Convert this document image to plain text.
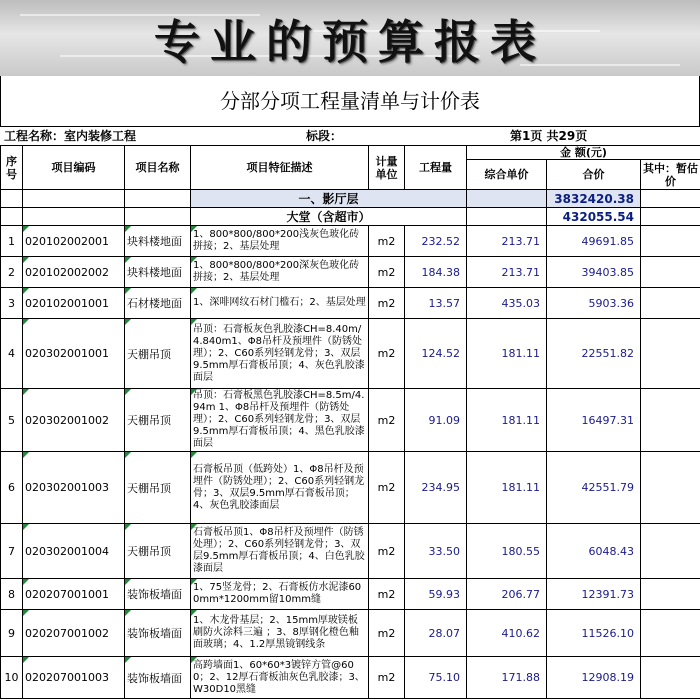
专业的预算报表
分部分项工程量清单与计价表
工程名称：室内装修工程	标段：	第1页 共29页
序号	项目编码	项目名称	项目特征描述	计量单位	工程量	金 额(元)		
						综合单价	合价	其中：暂估价
			一、影厅层				3832420.38	
			大堂（含超市）				432055.54	
1	020102002001	块料楼地面	1、800*800/800*200浅灰色玻化砖拼接；2、基层处理	m2	232.52	213.71	49691.85	
2	020102002002	块料楼地面	1、800*800/800*200深灰色玻化砖拼接；2、基层处理	m2	184.38	213.71	39403.85	
3	020102001001	石材楼地面	1、深啡网纹石材门槛石；2、基层处理	m2	13.57	435.03	5903.36	
4	020302001001	天棚吊顶	吊顶：石膏板灰色乳胶漆CH=8.40m/4.840m1、Φ8吊杆及预埋件（防锈处理）；2、C60系列轻钢龙骨；3、双层9.5mm厚石膏板吊顶；4、灰色乳胶漆面层	m2	124.52	181.11	22551.82	
5	020302001002	天棚吊顶	吊顶：石膏板黑色乳胶漆CH=8.5m/4.94m 1、Φ8吊杆及预埋件（防锈处理）；2、C60系列轻钢龙骨；3、双层9.5mm厚石膏板吊顶；4、黑色乳胶漆面层	m2	91.09	181.11	16497.31	
6	020302001003	天棚吊顶	石膏板吊顶（低跨处）1、Φ8吊杆及预埋件（防锈处理）；2、C60系列轻钢龙骨；3、双层9.5mm厚石膏板吊顶；4、灰色乳胶漆面层	m2	234.95	181.11	42551.79	
7	020302001004	天棚吊顶	石膏板吊顶1、Φ8吊杆及预埋件（防锈处理）；2、C60系列轻钢龙骨；3、双层9.5mm厚石膏板吊顶；4、白色乳胶漆面层	m2	33.50	180.55	6048.43	
8	020207001001	装饰板墙面	1、75竖龙骨；2、石膏板仿水泥漆600mm*1200mm留10mm缝	m2	59.93	206.77	12391.73	
9	020207001002	装饰板墙面	1、木龙骨基层；2、15mm厚玻镁板刷防火涂料三遍 ；3、8厚钢化橙色釉面玻璃；4、1.2厚黑镜钢线条	m2	28.07	410.62	11526.10	
10	020207001003	装饰板墙面	高跨墙面1、60*60*3镀锌方管@600；2、12厚石膏板油灰色乳胶漆；3、W30D10黑缝	m2	75.10	171.88	12908.19	
